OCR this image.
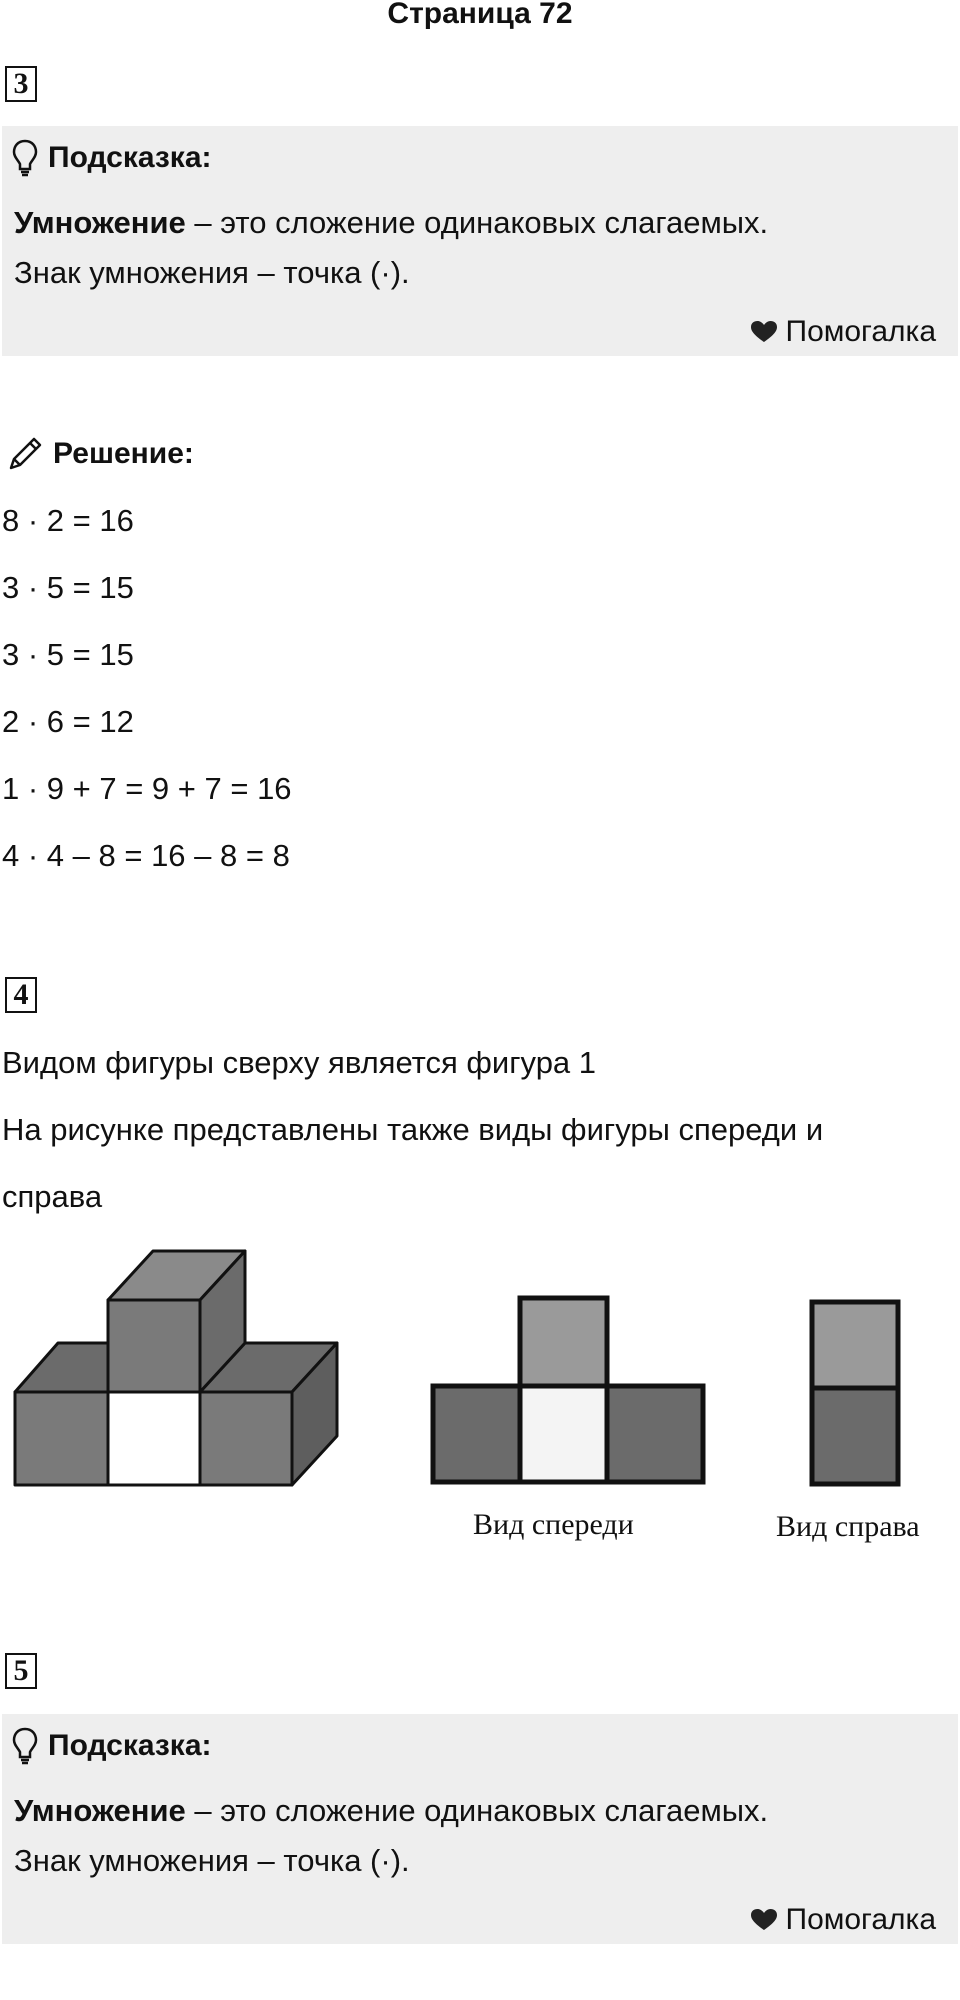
Страница 72
3
Подсказка:
Умножение – это сложение одинаковых слагаемых.
Знак умножения – точка (·).
Помогалка
Решение:
8 · 2 = 16
3 · 5 = 15
3 · 5 = 15
2 · 6 = 12
1 · 9 + 7 = 9 + 7 = 16
4 · 4 – 8 = 16 – 8 = 8
4
Видом фигуры сверху является фигура 1
На рисунке представлены также виды фигуры спереди и
справа
Вид спереди	Вид справа
5
Подсказка:
Умножение – это сложение одинаковых слагаемых.
Знак умножения – точка (·).
Помогалка
